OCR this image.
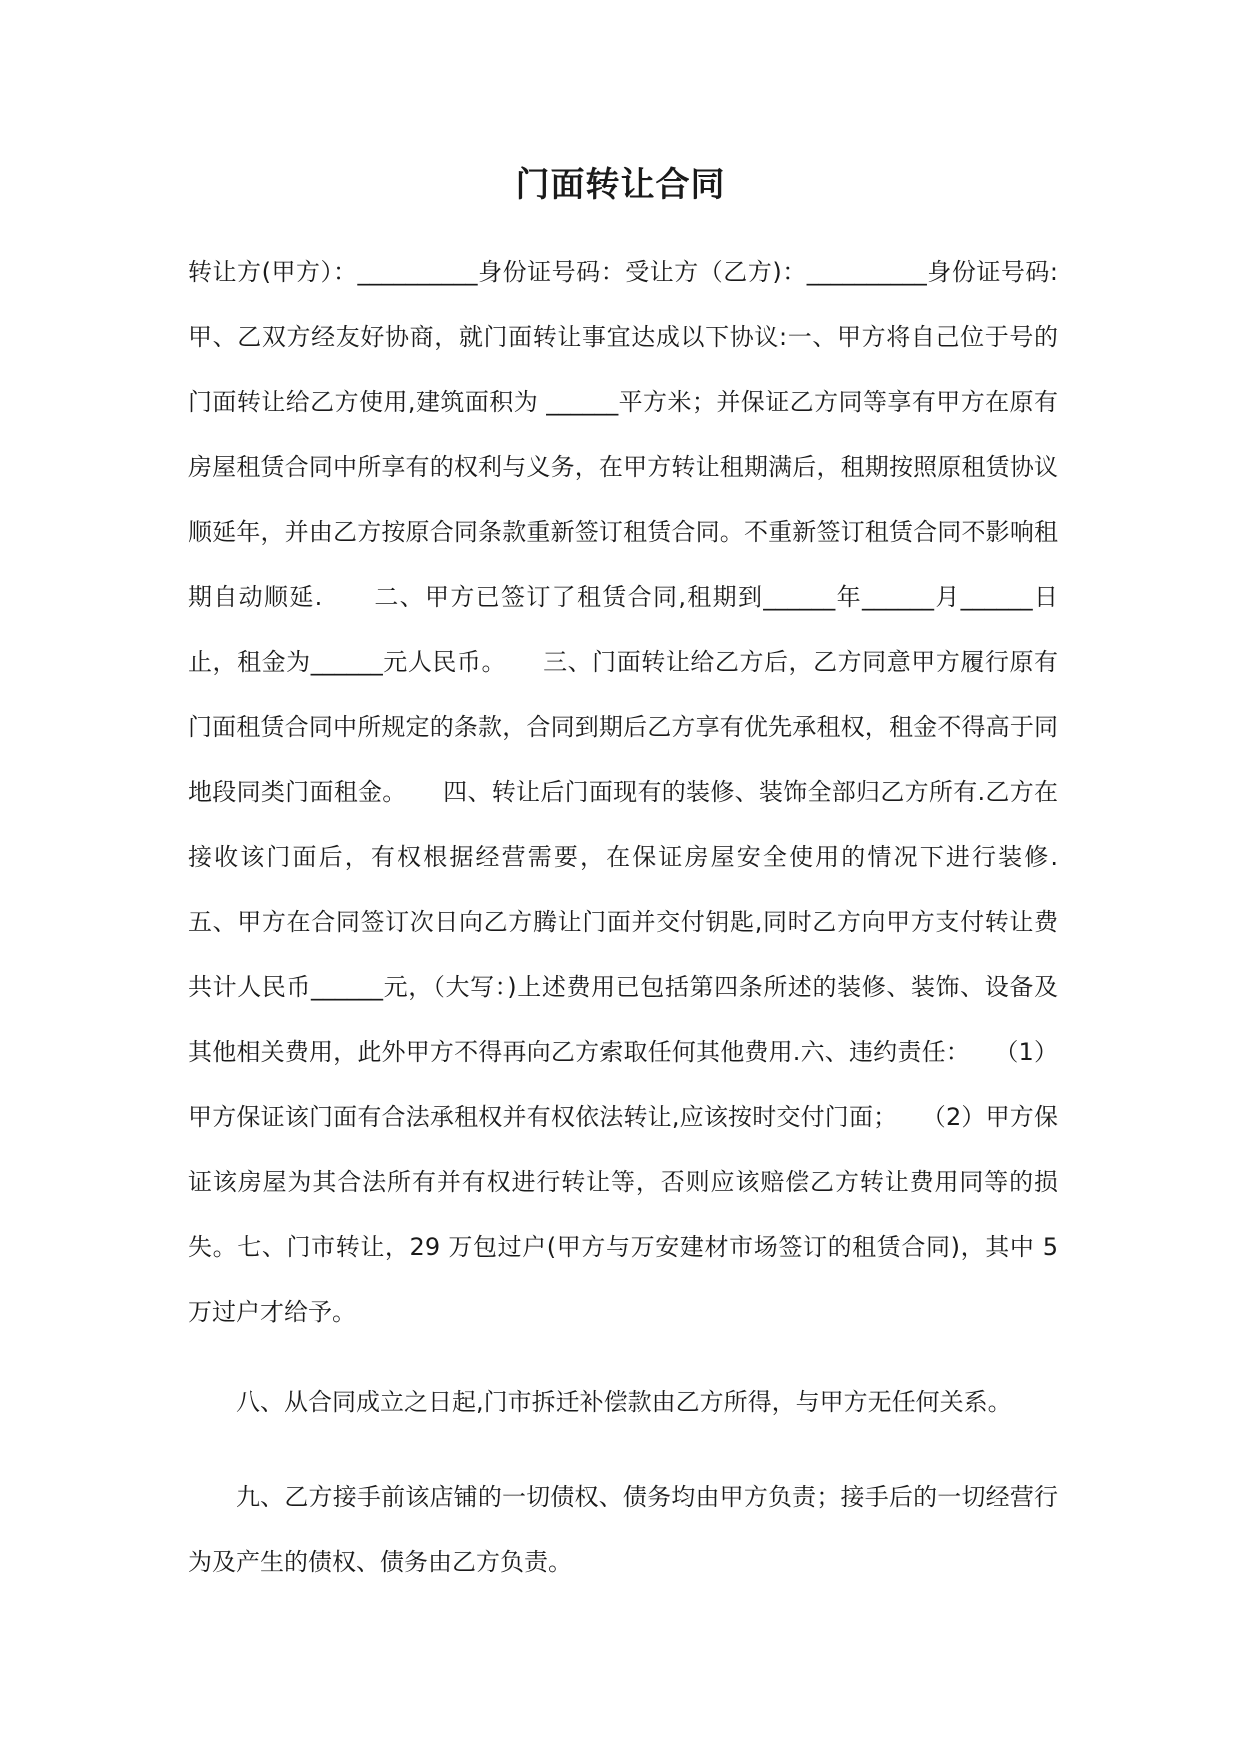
门面转让合同

转让方(甲方）：__________身份证号码：受让方（乙方)：__________身份证号码:甲、乙双方经友好协商，就门面转让事宜达成以下协议:一、甲方将自己位于号的门面转让给乙方使用,建筑面积为 ______平方米；并保证乙方同等享有甲方在原有房屋租赁合同中所享有的权利与义务，在甲方转让租期满后，租期按照原租赁协议顺延年，并由乙方按原合同条款重新签订租赁合同。不重新签订租赁合同不影响租期自动顺延.　　二、甲方已签订了租赁合同,租期到______年______月______日止，租金为______元人民币。　　三、门面转让给乙方后，乙方同意甲方履行原有门面租赁合同中所规定的条款，合同到期后乙方享有优先承租权，租金不得高于同地段同类门面租金。　　四、转让后门面现有的装修、装饰全部归乙方所有.乙方在接收该门面后，有权根据经营需要，在保证房屋安全使用的情况下进行装修.　　五、甲方在合同签订次日向乙方腾让门面并交付钥匙,同时乙方向甲方支付转让费共计人民币______元，（大写：)上述费用已包括第四条所述的装修、装饰、设备及其他相关费用，此外甲方不得再向乙方索取任何其他费用.六、违约责任：　　（1）甲方保证该门面有合法承租权并有权依法转让,应该按时交付门面；　　（2）甲方保证该房屋为其合法所有并有权进行转让等，否则应该赔偿乙方转让费用同等的损失。七、门市转让，29 万包过户(甲方与万安建材市场签订的租赁合同)，其中 5 万过户才给予。

八、从合同成立之日起,门市拆迁补偿款由乙方所得，与甲方无任何关系。

九、乙方接手前该店铺的一切债权、债务均由甲方负责；接手后的一切经营行为及产生的债权、债务由乙方负责。
